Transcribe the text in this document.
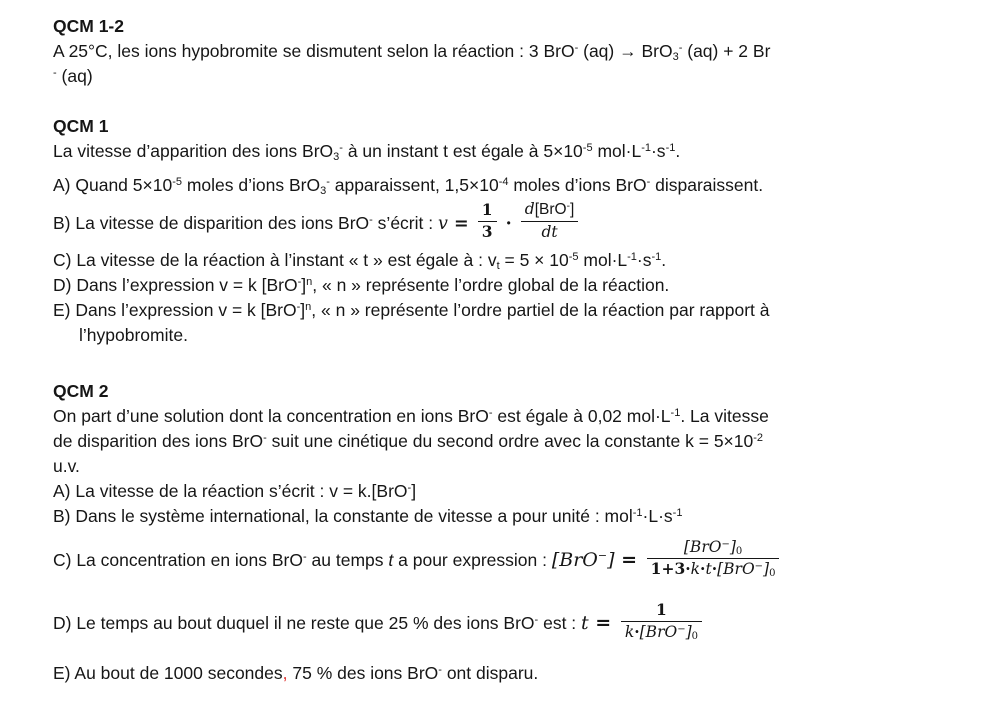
QCM 1-2
A 25°C, les ions hypobromite se dismutent selon la réaction : 3 BrO- (aq) → BrO$_3$- (aq) + 2 Br
- (aq)
QCM 1
La vitesse d’apparition des ions BrO$_3$- à un instant t est égale à $5\times 10^{-5}$ $mol\cdot L^{-1}\cdot s^{-1}$.
A) Quand $5\times 10^{-5}$ moles d’ions BrO$_3$- apparaissent, $1,5\times 10^{-4}$ moles d’ions BrO- disparaissent.
B) La vitesse de disparition des ions BrO- s’écrit : $v = \frac{1}{3} \cdot \frac{d[BrO^-]}{dt}$
C) La vitesse de la réaction à l’instant « t » est égale à : $v_t = 5 \times 10^{-5}$ $mol\cdot L^{-1}\cdot s^{-1}$.
D) Dans l’expression v = k $[BrO^-]^n$, « n » représente l’ordre global de la réaction.
E) Dans l’expression v = k $[BrO^-]^n$, « n » représente l’ordre partiel de la réaction par rapport à
l’hypobromite.
QCM 2
On part d’une solution dont la concentration en ions BrO- est égale à 0,02 $mol\cdot L^{-1}$. La vitesse
de disparition des ions BrO- suit une cinétique du second ordre avec la constante $k = 5\times 10^{-2}$
u.v.
A) La vitesse de la réaction s’écrit : v = k.[BrO-]
B) Dans le système international, la constante de vitesse a pour unité : $mol^{-1}\cdot L\cdot s^{-1}$
C) La concentration en ions BrO- au temps t a pour expression : $[BrO^-] = \frac{[BrO^-]_0}{1+3\cdot k\cdot t\cdot[BrO^-]_0}$
D) Le temps au bout duquel il ne reste que 25 % des ions BrO- est : $t = \frac{1}{k\cdot[BrO^-]_0}$
E) Au bout de 1000 secondes, 75 % des ions BrO- ont disparu.
